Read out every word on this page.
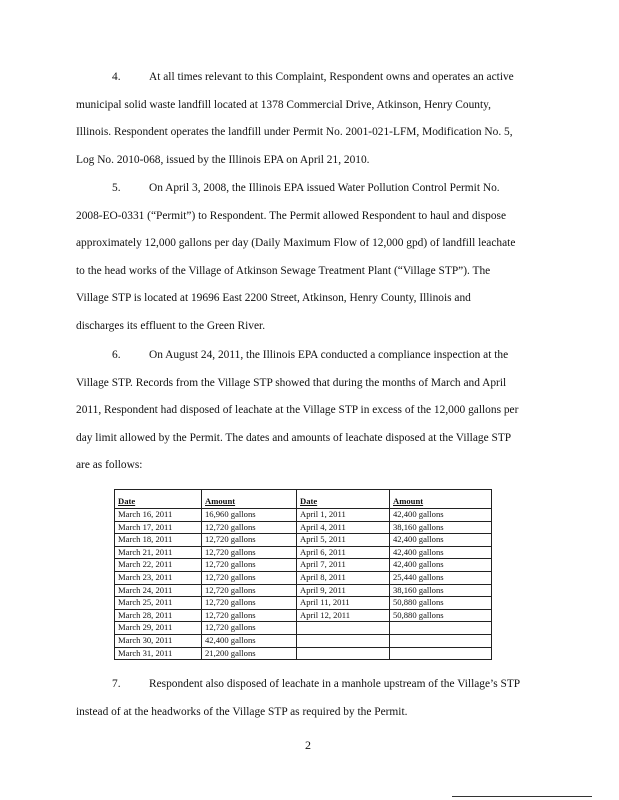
4. At all times relevant to this Complaint, Respondent owns and operates an active
municipal solid waste landfill located at 1378 Commercial Drive, Atkinson, Henry County,
Illinois. Respondent operates the landfill under Permit No. 2001-021-LFM, Modification No. 5,
Log No. 2010-068, issued by the Illinois EPA on April 21, 2010.
5. On April 3, 2008, the Illinois EPA issued Water Pollution Control Permit No.
2008-EO-0331 (“Permit”) to Respondent. The Permit allowed Respondent to haul and dispose
approximately 12,000 gallons per day (Daily Maximum Flow of 12,000 gpd) of landfill leachate
to the head works of the Village of Atkinson Sewage Treatment Plant (“Village STP”). The
Village STP is located at 19696 East 2200 Street, Atkinson, Henry County, Illinois and
discharges its effluent to the Green River.
6. On August 24, 2011, the Illinois EPA conducted a compliance inspection at the
Village STP. Records from the Village STP showed that during the months of March and April
2011, Respondent had disposed of leachate at the Village STP in excess of the 12,000 gallons per
day limit allowed by the Permit. The dates and amounts of leachate disposed at the Village STP
are as follows:
Date	Amount	Date	Amount
March 16, 2011	16,960 gallons	April 1, 2011	42,400 gallons
March 17, 2011	12,720 gallons	April 4, 2011	38,160 gallons
March 18, 2011	12,720 gallons	April 5, 2011	42,400 gallons
March 21, 2011	12,720 gallons	April 6, 2011	42,400 gallons
March 22, 2011	12,720 gallons	April 7, 2011	42,400 gallons
March 23, 2011	12,720 gallons	April 8, 2011	25,440 gallons
March 24, 2011	12,720 gallons	April 9, 2011	38,160 gallons
March 25, 2011	12,720 gallons	April 11, 2011	50,880 gallons
March 28, 2011	12,720 gallons	April 12, 2011	50,880 gallons
March 29, 2011	12,720 gallons		
March 30, 2011	42,400 gallons		
March 31, 2011	21,200 gallons		
7. Respondent also disposed of leachate in a manhole upstream of the Village’s STP
instead of at the headworks of the Village STP as required by the Permit.
2
